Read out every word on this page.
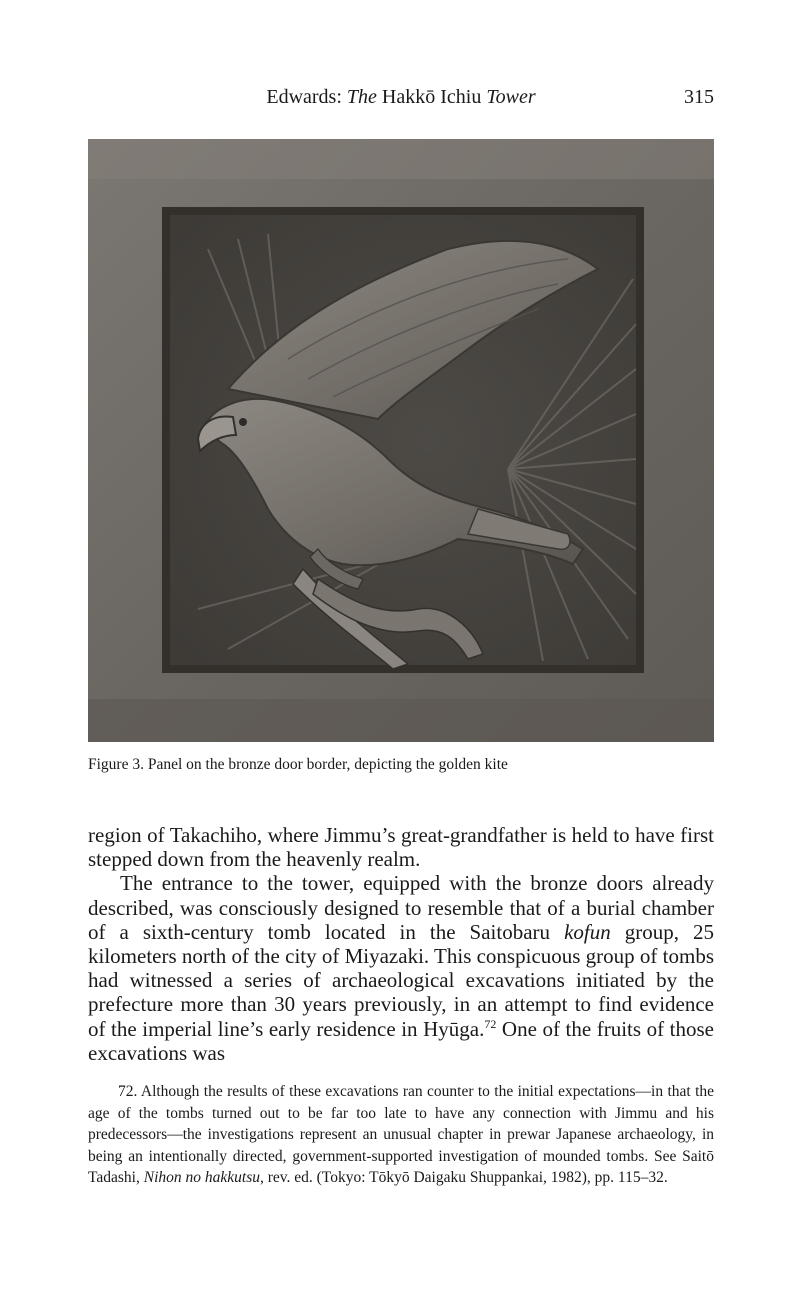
Edwards: The Hakkō Ichiu Tower	315
Figure 3. Panel on the bronze door border, depicting the golden kite

region of Takachiho, where Jimmu’s great-grandfather is held to have first stepped down from the heavenly realm.

The entrance to the tower, equipped with the bronze doors already described, was consciously designed to resemble that of a burial chamber of a sixth-century tomb located in the Saitobaru kofun group, 25 kilometers north of the city of Miyazaki. This conspicuous group of tombs had witnessed a series of archaeological excavations initiated by the prefecture more than 30 years previously, in an attempt to find evidence of the imperial line’s early residence in Hyūga.$^{72}$ One of the fruits of those excavations was

72. Although the results of these excavations ran counter to the initial expectations—in that the age of the tombs turned out to be far too late to have any connection with Jimmu and his predecessors—the investigations represent an unusual chapter in prewar Japanese archaeology, in being an intentionally directed, government-supported investigation of mounded tombs. See Saitō Tadashi, Nihon no hakkutsu, rev. ed. (Tokyo: Tōkyō Daigaku Shuppankai, 1982), pp. 115–32.
